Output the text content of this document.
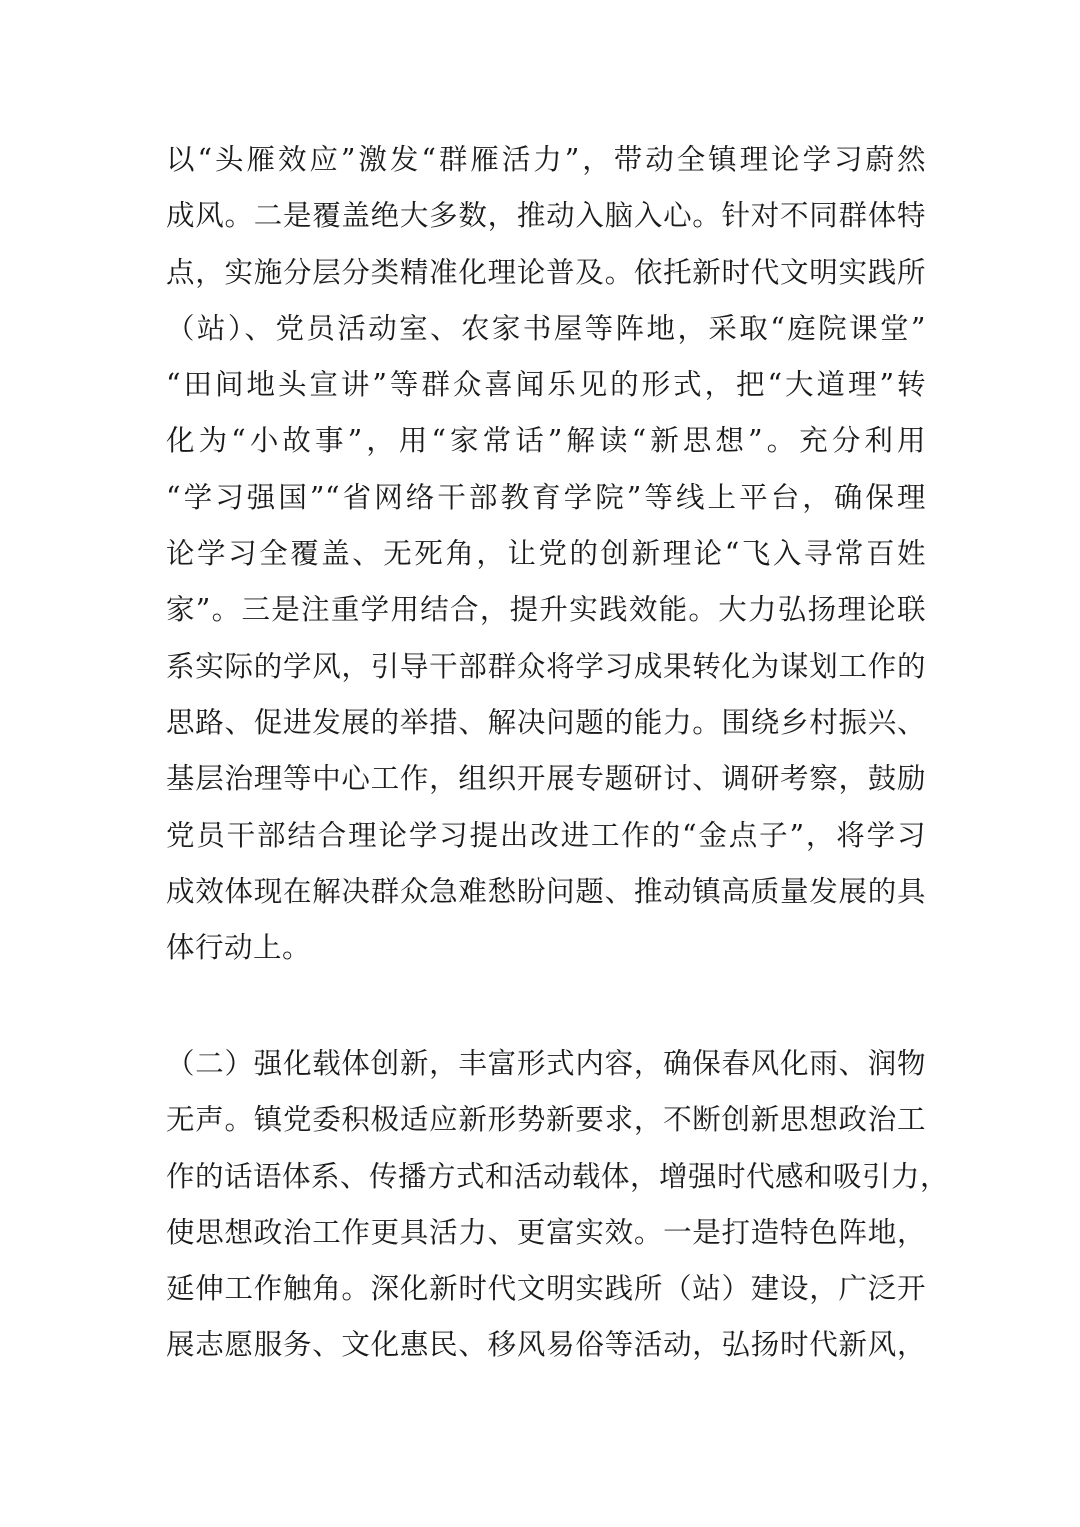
以“头雁效应”激发“群雁活力”，带动全镇理论学习蔚然
成风。二是覆盖绝大多数，推动入脑入心。针对不同群体特
点，实施分层分类精准化理论普及。依托新时代文明实践所
（站）、党员活动室、农家书屋等阵地，采取“庭院课堂”
“田间地头宣讲”等群众喜闻乐见的形式，把“大道理”转
化为“小故事”，用“家常话”解读“新思想”。充分利用
“学习强国”“省网络干部教育学院”等线上平台，确保理
论学习全覆盖、无死角，让党的创新理论“飞入寻常百姓
家”。三是注重学用结合，提升实践效能。大力弘扬理论联
系实际的学风，引导干部群众将学习成果转化为谋划工作的
思路、促进发展的举措、解决问题的能力。围绕乡村振兴、
基层治理等中心工作，组织开展专题研讨、调研考察，鼓励
党员干部结合理论学习提出改进工作的“金点子”，将学习
成效体现在解决群众急难愁盼问题、推动镇高质量发展的具
体行动上。
（二）强化载体创新，丰富形式内容，确保春风化雨、润物
无声。镇党委积极适应新形势新要求，不断创新思想政治工
作的话语体系、传播方式和活动载体，增强时代感和吸引力，
使思想政治工作更具活力、更富实效。一是打造特色阵地，
延伸工作触角。深化新时代文明实践所（站）建设，广泛开
展志愿服务、文化惠民、移风易俗等活动，弘扬时代新风，
